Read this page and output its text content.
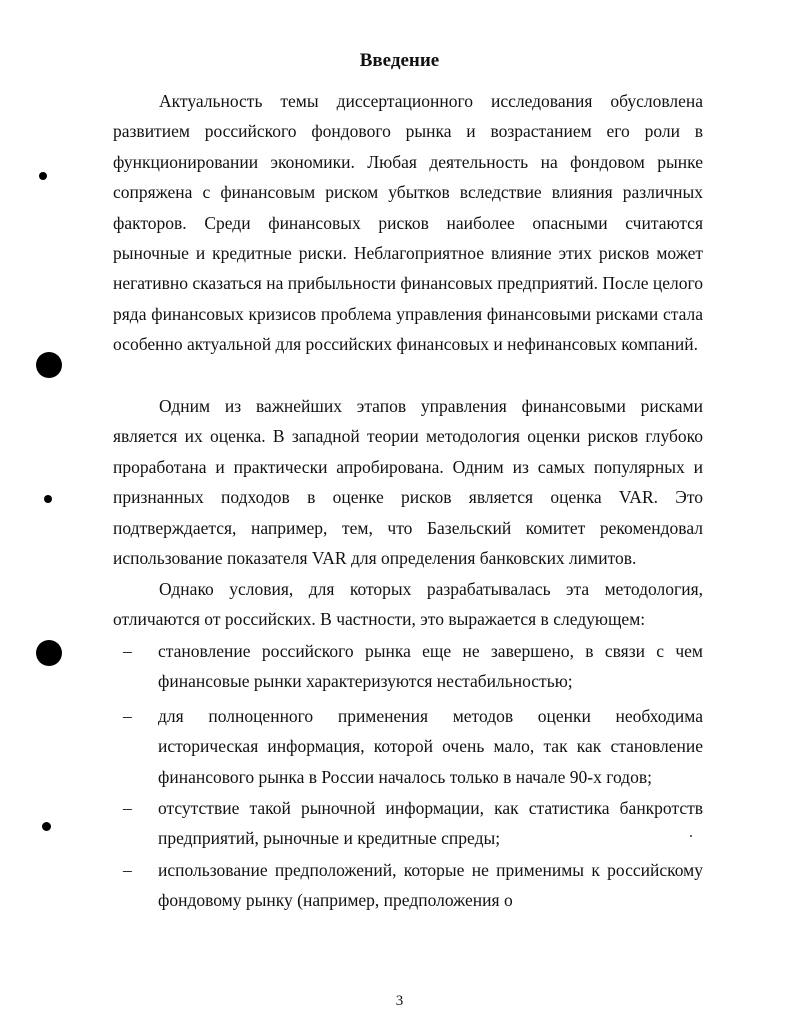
Введение

Актуальность темы диссертационного исследования обусловлена развитием российского фондового рынка и возрастанием его роли в функционировании экономики. Любая деятельность на фондовом рынке сопряжена с финансовым риском убытков вследствие влияния различных факторов. Среди финансовых рисков наиболее опасными считаются рыночные и кредитные риски. Неблагоприятное влияние этих рисков может негативно сказаться на прибыльности финансовых предприятий. После целого ряда финансовых кризисов проблема управления финансовыми рисками стала особенно актуальной для российских финансовых и нефинансовых компаний.

Одним из важнейших этапов управления финансовыми рисками является их оценка. В западной теории методология оценки рисков глубоко проработана и практически апробирована. Одним из самых популярных и признанных подходов в оценке рисков является оценка VAR. Это подтверждается, например, тем, что Базельский комитет рекомендовал использование показателя VAR для определения банковских лимитов.

Однако условия, для которых разрабатывалась эта методология, отличаются от российских. В частности, это выражается в следующем:

– становление российского рынка еще не завершено, в связи с чем финансовые рынки характеризуются нестабильностью;
– для полноценного применения методов оценки необходима историческая информация, которой очень мало, так как становление финансового рынка в России началось только в начале 90-х годов;
– отсутствие такой рыночной информации, как статистика банкротств предприятий, рыночные и кредитные спреды;
– использование предположений, которые не применимы к российскому фондовому рынку (например, предположения о
3
